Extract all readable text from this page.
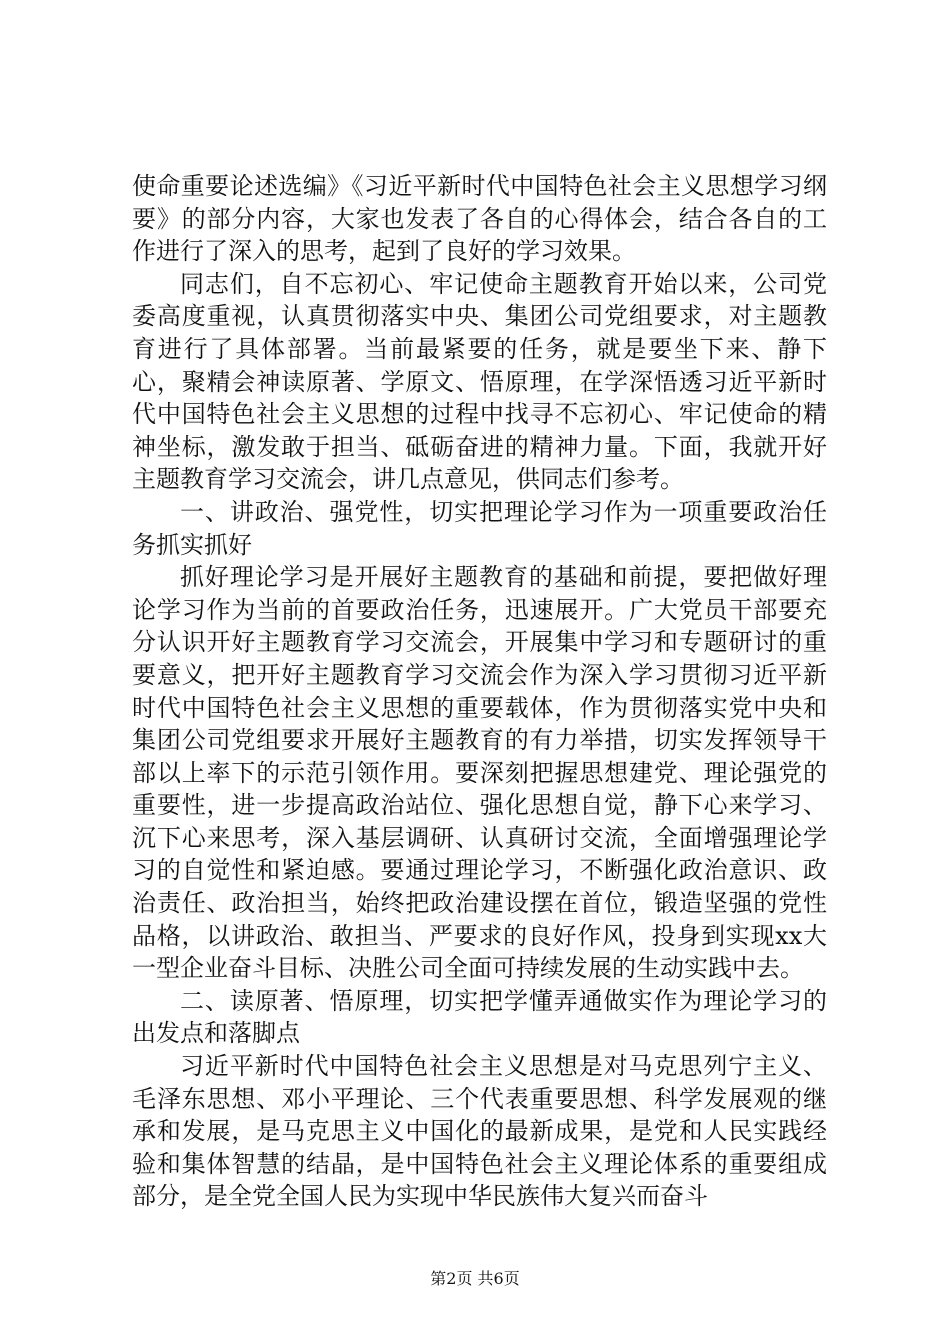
使命重要论述选编》《习近平新时代中国特色社会主义思想学习纲要》的部分内容，大家也发表了各自的心得体会，结合各自的工作进行了深入的思考，起到了良好的学习效果。

同志们，自不忘初心、牢记使命主题教育开始以来，公司党委高度重视，认真贯彻落实中央、集团公司党组要求，对主题教育进行了具体部署。当前最紧要的任务，就是要坐下来、静下心，聚精会神读原著、学原文、悟原理，在学深悟透习近平新时代中国特色社会主义思想的过程中找寻不忘初心、牢记使命的精神坐标，激发敢于担当、砥砺奋进的精神力量。下面，我就开好主题教育学习交流会，讲几点意见，供同志们参考。

一、讲政治、强党性，切实把理论学习作为一项重要政治任务抓实抓好

抓好理论学习是开展好主题教育的基础和前提，要把做好理论学习作为当前的首要政治任务，迅速展开。广大党员干部要充分认识开好主题教育学习交流会，开展集中学习和专题研讨的重要意义，把开好主题教育学习交流会作为深入学习贯彻习近平新时代中国特色社会主义思想的重要载体，作为贯彻落实党中央和集团公司党组要求开展好主题教育的有力举措，切实发挥领导干部以上率下的示范引领作用。要深刻把握思想建党、理论强党的重要性，进一步提高政治站位、强化思想自觉，静下心来学习、沉下心来思考，深入基层调研、认真研讨交流，全面增强理论学习的自觉性和紧迫感。要通过理论学习，不断强化政治意识、政治责任、政治担当，始终把政治建设摆在首位，锻造坚强的党性品格，以讲政治、敢担当、严要求的良好作风，投身到实现xx大一型企业奋斗目标、决胜公司全面可持续发展的生动实践中去。

二、读原著、悟原理，切实把学懂弄通做实作为理论学习的出发点和落脚点

习近平新时代中国特色社会主义思想是对马克思列宁主义、毛泽东思想、邓小平理论、三个代表重要思想、科学发展观的继承和发展，是马克思主义中国化的最新成果，是党和人民实践经验和集体智慧的结晶，是中国特色社会主义理论体系的重要组成部分，是全党全国人民为实现中华民族伟大复兴而奋斗

第2页 共6页
